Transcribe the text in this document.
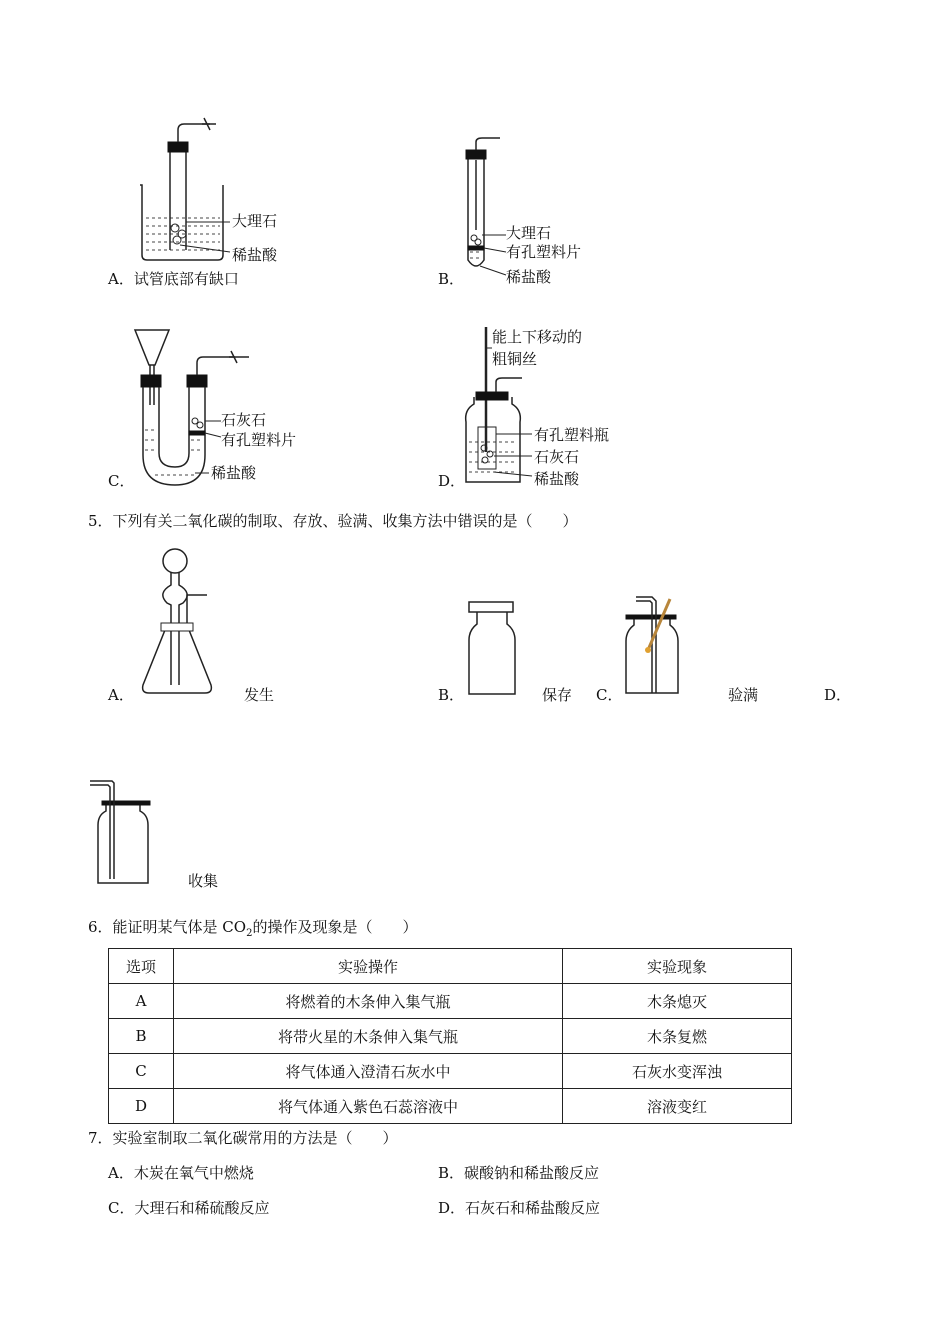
大理石
稀盐酸
A．试管底部有缺口
大理石
有孔塑料片
稀盐酸
B．
石灰石
有孔塑料片
稀盐酸
C．
能上下移动的
粗铜丝
有孔塑料瓶
石灰石
稀盐酸
D．
5．下列有关二氧化碳的制取、存放、验满、收集方法中错误的是（　　）
A．	发生	B．	保存 C．	验满	D．
收集
6．能证明某气体是 $CO_2$的操作及现象是（　　）
选项	实验操作	实验现象
A	将燃着的木条伸入集气瓶	木条熄灭
B	将带火星的木条伸入集气瓶	木条复燃
C	将气体通入澄清石灰水中	石灰水变浑浊
D	将气体通入紫色石蕊溶液中	溶液变红
7．实验室制取二氧化碳常用的方法是（　　）
A．木炭在氧气中燃烧	B．碳酸钠和稀盐酸反应
C．大理石和稀硫酸反应	D．石灰石和稀盐酸反应
